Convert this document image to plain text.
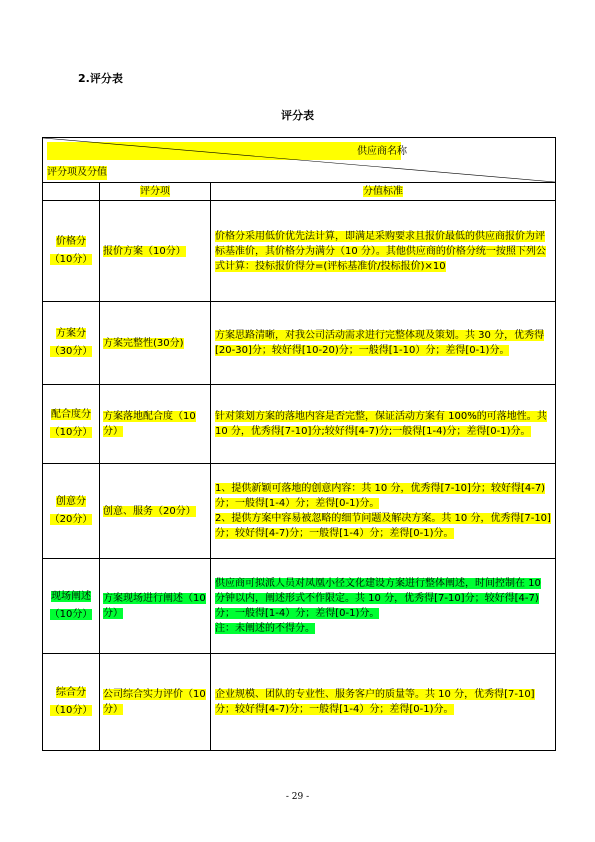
2.评分表
评分表
供应商名称
评分项及分值		

	评分项	分值标准
价格分
（10分）	报价方案（10分）	价格分采用低价优先法计算，即满足采购要求且报价最低的供应商报价为评标基准价，其价格分为满分（10 分）。其他供应商的价格分统一按照下列公式计算：投标报价得分=(评标基准价/投标报价)×10
方案分
（30分）	方案完整性(30分)	方案思路清晰，对我公司活动需求进行完整体现及策划。共 30 分，优秀得[20-30]分；较好得[10-20)分；一般得[1-10）分；差得[0-1)分。
配合度分 （10分）	方案落地配合度（10分）	针对策划方案的落地内容是否完整，保证活动方案有 100%的可落地性。共 10 分，优秀得[7-10]分;较好得[4-7)分;一般得[1-4)分；差得[0-1)分。
创意分
（20分）	创意、服务（20分）	1、提供新颖可落地的创意内容：共 10 分，优秀得[7-10]分；较好得[4-7)分；一般得[1-4）分；差得[0-1)分。
2、提供方案中容易被忽略的细节问题及解决方案。共 10 分，优秀得[7-10]分；较好得[4-7)分；一般得[1-4）分；差得[0-1)分。
现场阐述（10分）	方案现场进行阐述（10分）	供应商可拟派人员对凤凰小径文化建设方案进行整体阐述，时间控制在 10 分钟以内，阐述形式不作限定。共 10 分，优秀得[7-10]分；较好得[4-7)分；一般得[1-4）分；差得[0-1)分。
注：未阐述的不得分。
综合分
（10分）	公司综合实力评价（10分）	企业规模、团队的专业性、服务客户的质量等。共 10 分，优秀得[7-10]分；较好得[4-7)分；一般得[1-4）分；差得[0-1)分。
- 29 -
